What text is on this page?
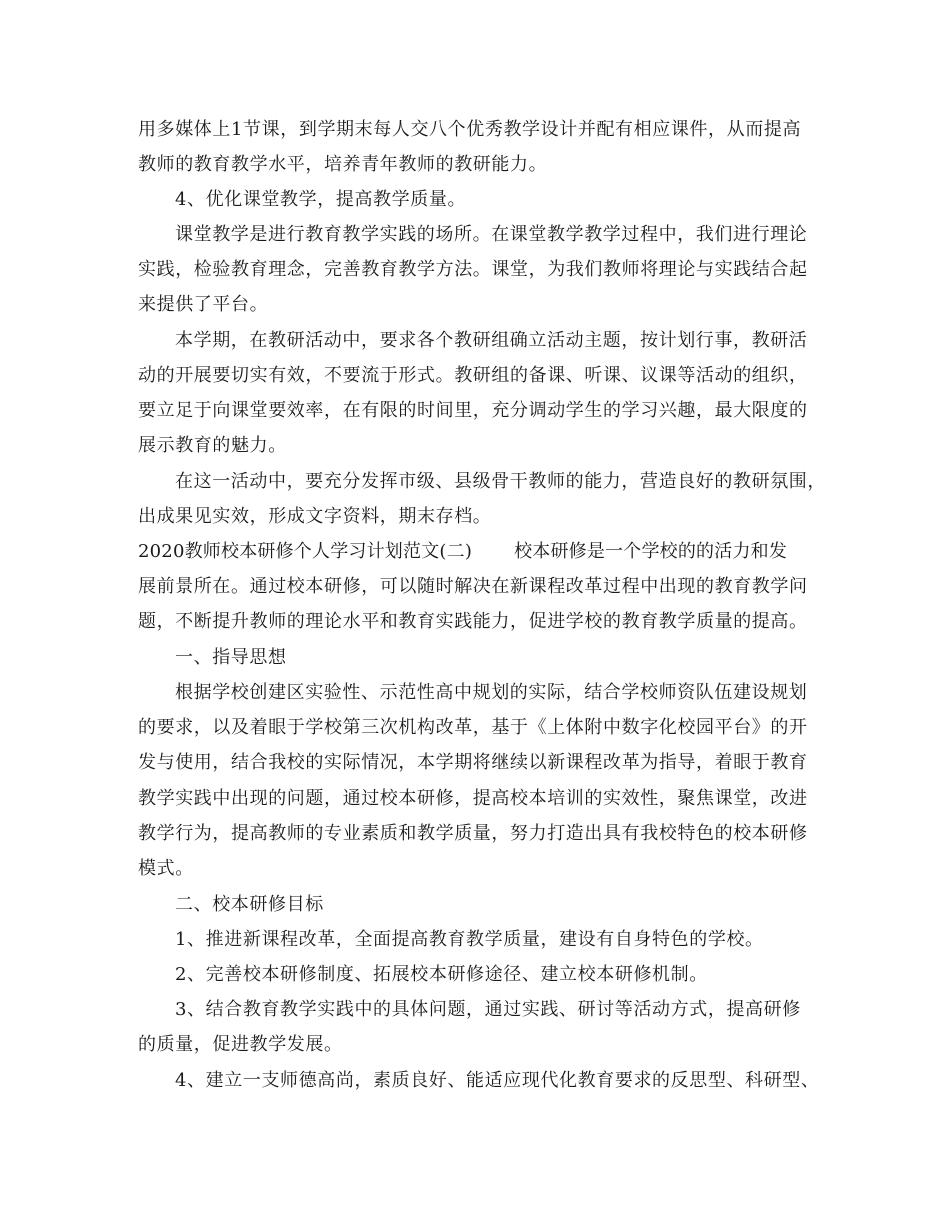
用多媒体上1节课，到学期末每人交八个优秀教学设计并配有相应课件，从而提高
教师的教育教学水平，培养青年教师的教研能力。
4、优化课堂教学，提高教学质量。
课堂教学是进行教育教学实践的场所。在课堂教学教学过程中，我们进行理论
实践，检验教育理念，完善教育教学方法。课堂，为我们教师将理论与实践结合起
来提供了平台。
本学期，在教研活动中，要求各个教研组确立活动主题，按计划行事，教研活
动的开展要切实有效，不要流于形式。教研组的备课、听课、议课等活动的组织，
要立足于向课堂要效率，在有限的时间里，充分调动学生的学习兴趣，最大限度的
展示教育的魅力。
在这一活动中，要充分发挥市级、县级骨干教师的能力，营造良好的教研氛围，
出成果见实效，形成文字资料，期末存档。
2020教师校本研修个人学习计划范文(二) 校本研修是一个学校的的活力和发
展前景所在。通过校本研修，可以随时解决在新课程改革过程中出现的教育教学问
题，不断提升教师的理论水平和教育实践能力，促进学校的教育教学质量的提高。
一、指导思想
根据学校创建区实验性、示范性高中规划的实际，结合学校师资队伍建设规划
的要求，以及着眼于学校第三次机构改革，基于《上体附中数字化校园平台》的开
发与使用，结合我校的实际情况，本学期将继续以新课程改革为指导，着眼于教育
教学实践中出现的问题，通过校本研修，提高校本培训的实效性，聚焦课堂，改进
教学行为，提高教师的专业素质和教学质量，努力打造出具有我校特色的校本研修
模式。
二、校本研修目标
1、推进新课程改革，全面提高教育教学质量，建设有自身特色的学校。
2、完善校本研修制度、拓展校本研修途径、建立校本研修机制。
3、结合教育教学实践中的具体问题，通过实践、研讨等活动方式，提高研修
的质量，促进教学发展。
4、建立一支师德高尚，素质良好、能适应现代化教育要求的反思型、科研型、
